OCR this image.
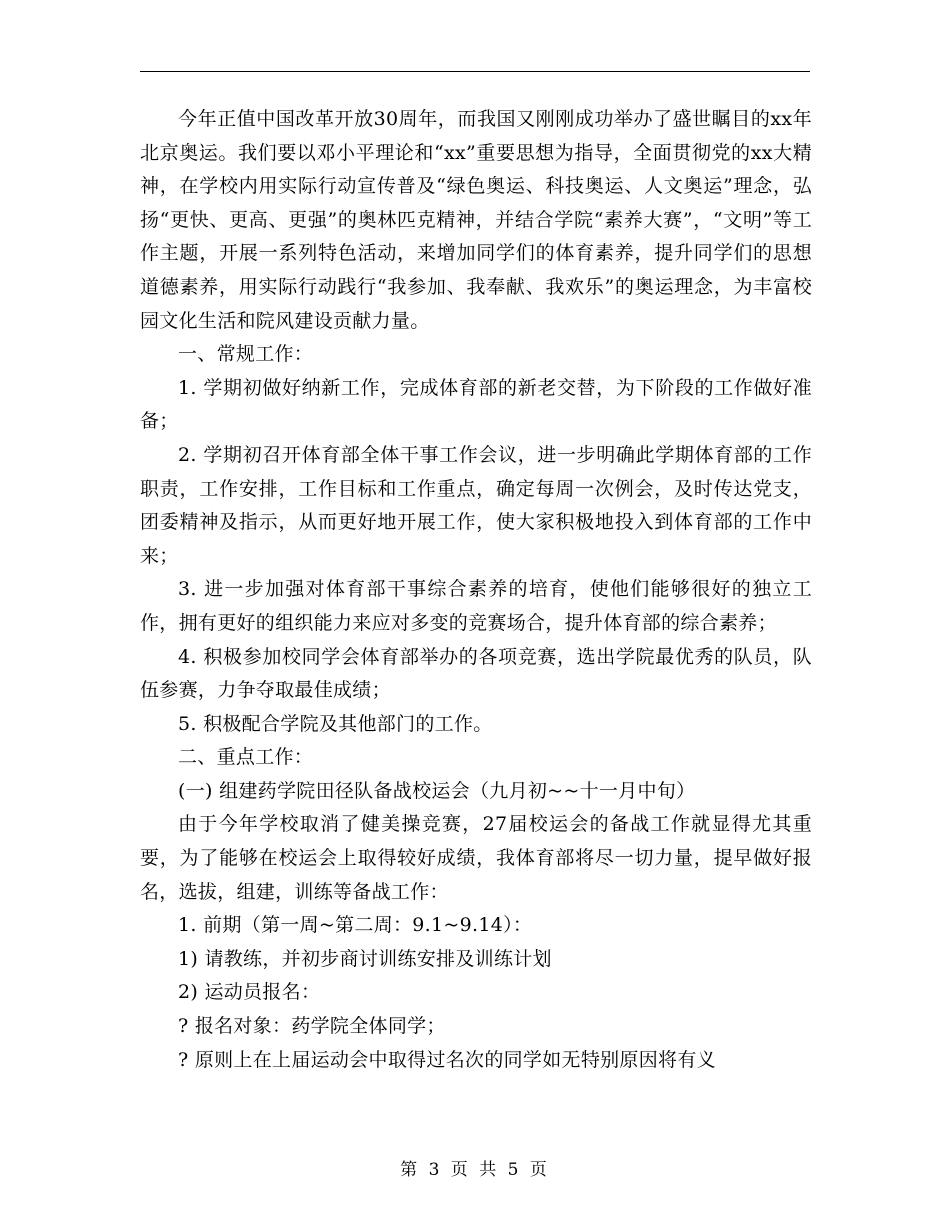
今年正值中国改革开放30周年，而我国又刚刚成功举办了盛世瞩目的xx年北京奥运。我们要以邓小平理论和“xx”重要思想为指导，全面贯彻党的xx大精神，在学校内用实际行动宣传普及“绿色奥运、科技奥运、人文奥运”理念，弘扬“更快、更高、更强”的奥林匹克精神，并结合学院“素养大赛”，“文明”等工作主题，开展一系列特色活动，来增加同学们的体育素养，提升同学们的思想道德素养，用实际行动践行“我参加、我奉献、我欢乐”的奥运理念，为丰富校园文化生活和院风建设贡献力量。

一、常规工作：

1. 学期初做好纳新工作，完成体育部的新老交替，为下阶段的工作做好准备；

2. 学期初召开体育部全体干事工作会议，进一步明确此学期体育部的工作职责，工作安排，工作目标和工作重点，确定每周一次例会，及时传达党支，团委精神及指示，从而更好地开展工作，使大家积极地投入到体育部的工作中来；

3. 进一步加强对体育部干事综合素养的培育，使他们能够很好的独立工作，拥有更好的组织能力来应对多变的竞赛场合，提升体育部的综合素养；

4. 积极参加校同学会体育部举办的各项竞赛，选出学院最优秀的队员，队伍参赛，力争夺取最佳成绩；

5. 积极配合学院及其他部门的工作。

二、重点工作：

(一) 组建药学院田径队备战校运会（九月初~~十一月中旬）

由于今年学校取消了健美操竞赛，27届校运会的备战工作就显得尤其重要，为了能够在校运会上取得较好成绩，我体育部将尽一切力量，提早做好报名，选拔，组建，训练等备战工作：

1. 前期（第一周~第二周：9.1~9.14）：

1) 请教练，并初步商讨训练安排及训练计划

2) 运动员报名：

? 报名对象：药学院全体同学；

? 原则上在上届运动会中取得过名次的同学如无特别原因将有义

第 3 页 共 5 页
